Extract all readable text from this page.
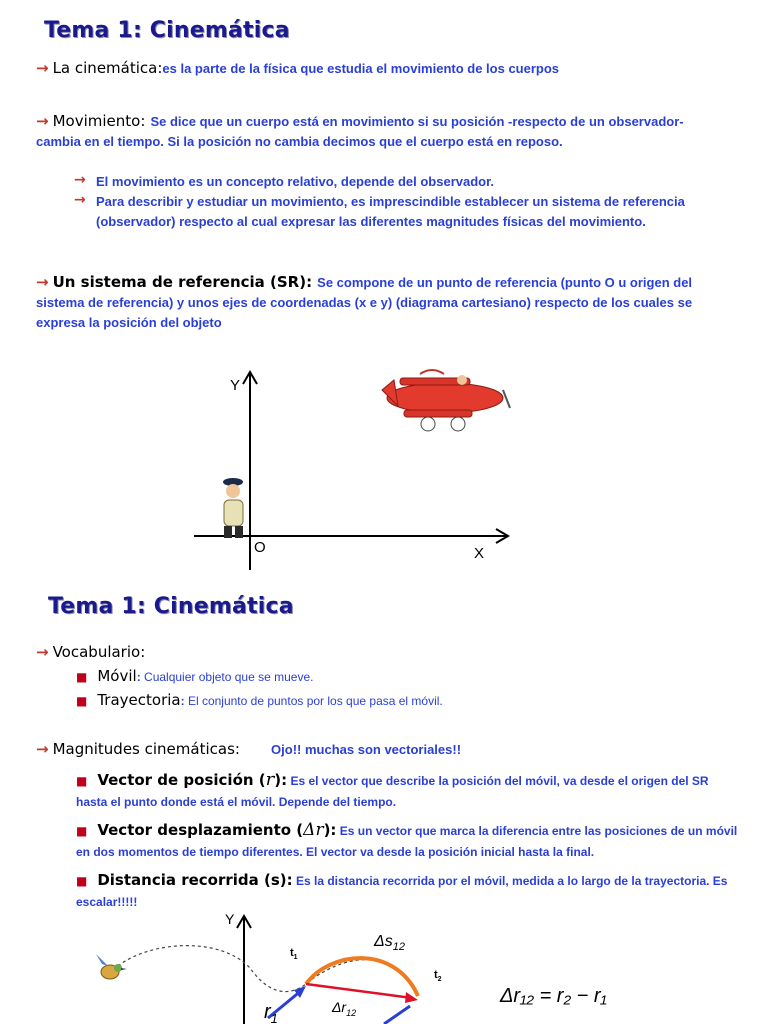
Tema 1: Cinemática
→ La cinemática:es la parte de la física que estudia el movimiento de los cuerpos
→ Movimiento: Se dice que un cuerpo está en movimiento si su posición -respecto de un observador- cambia en el tiempo. Si la posición no cambia decimos que el cuerpo está en reposo.
→ El movimiento es un concepto relativo, depende del observador.
→ Para describir y estudiar un movimiento, es imprescindible establecer un sistema de referencia (observador) respecto al cual expresar las diferentes magnitudes físicas del movimiento.
→ Un sistema de referencia (SR): Se compone de un punto de referencia (punto O u origen del sistema de referencia) y unos ejes de coordenadas (x e y) (diagrama cartesiano) respecto de los cuales se expresa la posición del objeto
Y
X
O
Tema 1: Cinemática
→ Vocabulario:
■ Móvil: Cualquier objeto que se mueve.
■ Trayectoria: El conjunto de puntos por los que pasa el móvil.
→ Magnitudes cinemáticas: Ojo!! muchas son vectoriales!!
■ Vector de posición (r): Es el vector que describe la posición del móvil, va desde el origen del SR hasta el punto donde está el móvil. Depende del tiempo.
■ Vector desplazamiento (Δr): Es un vector que marca la diferencia entre las posiciones de un móvil en dos momentos de tiempo diferentes. El vector va desde la posición inicial hasta la final.
■ Distancia recorrida (s): Es la distancia recorrida por el móvil, medida a lo largo de la trayectoria. Es escalar!!!!!
Y
$t_1$
$t_2$
$\Delta s_{12}$
$\Delta r_{12}$
$r_1$
Δr₁₂ = r₂ − r₁
